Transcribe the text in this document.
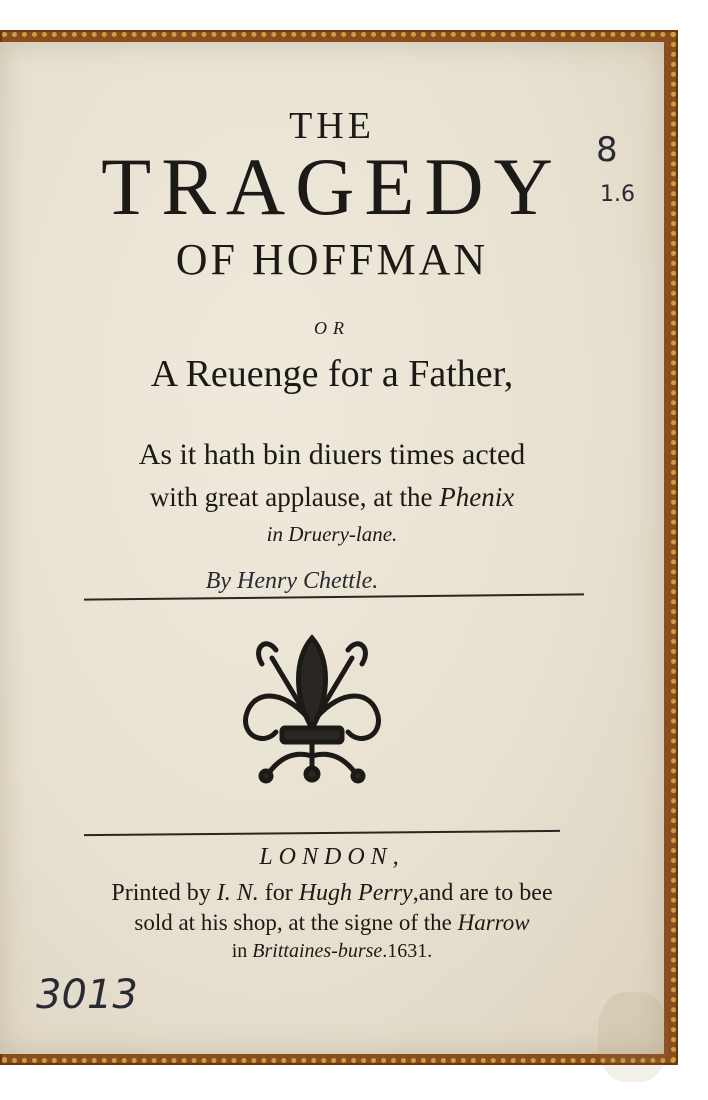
THE

TRAGEDY

OF HOFFMAN

OR

A Reuenge for a Father,

As it hath bin diuers times acted

with great applause, at the Phenix

in Druery-lane.

By Henry Chettle.

LONDON,

Printed by I. N. for Hugh Perry,and are to bee

sold at his shop, at the signe of the Harrow

in Brittaines-burse.1631.

8
1.6
3013
